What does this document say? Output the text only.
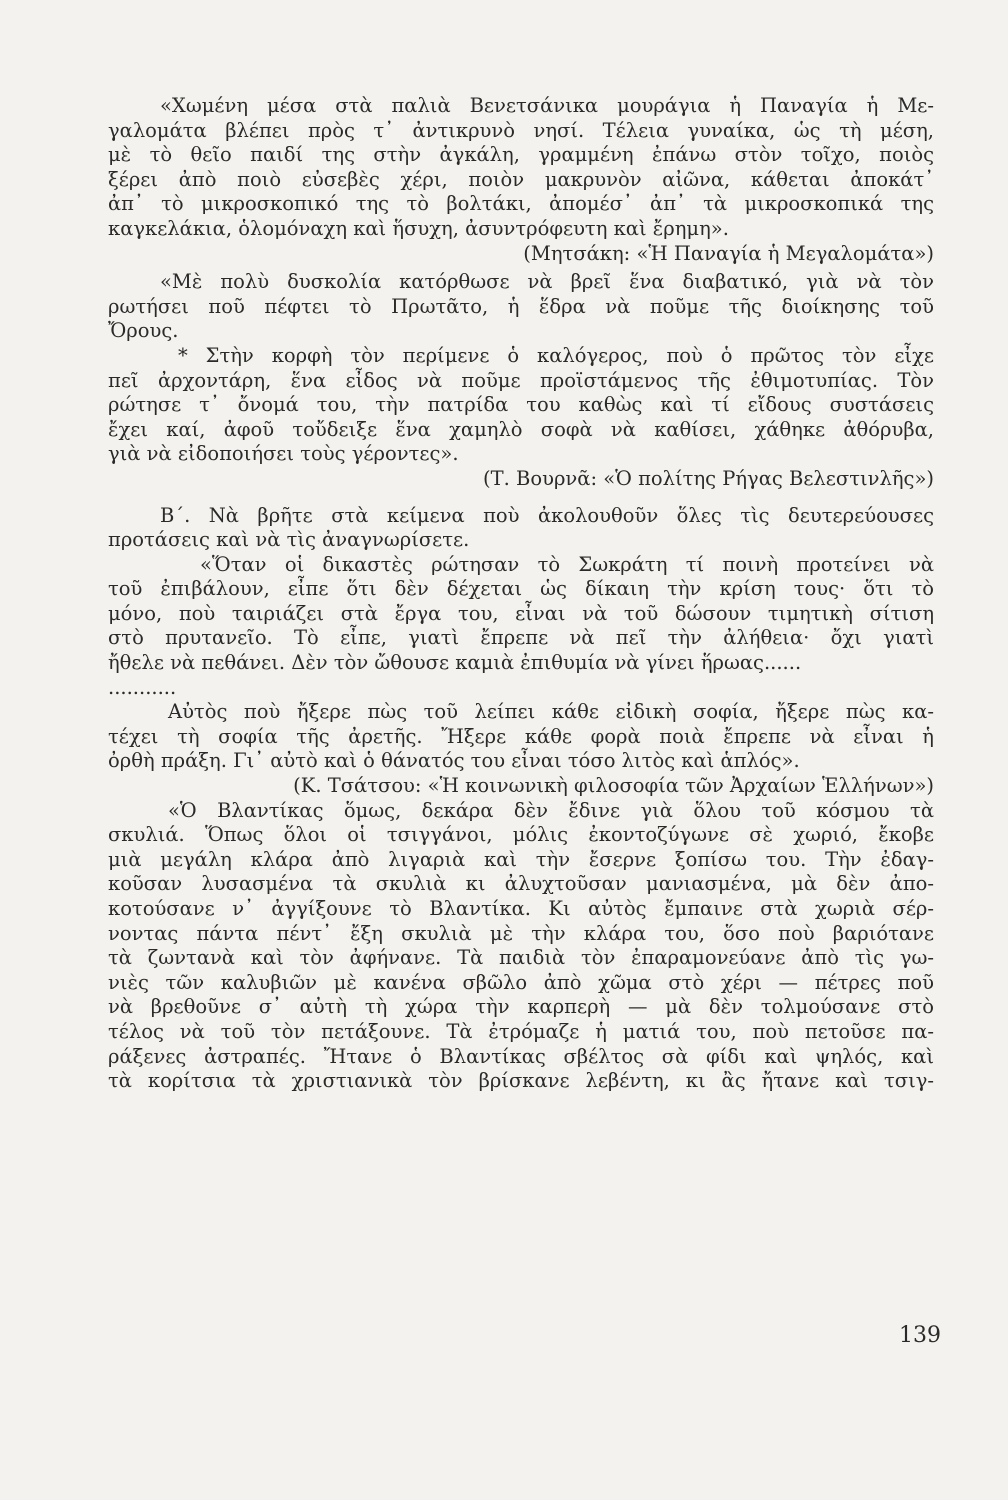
«Χωμένη μέσα στὰ παλιὰ Βενετσάνικα μουράγια ἡ Παναγία ἡ Με-
γαλομάτα βλέπει πρὸς τ᾿ ἀντικρυνὸ νησί. Τέλεια γυναίκα, ὡς τὴ μέση,
μὲ τὸ θεῖο παιδί της στὴν ἀγκάλη, γραμμένη ἐπάνω στὸν τοῖχο, ποιὸς
ξέρει ἀπὸ ποιὸ εὐσεβὲς χέρι, ποιὸν μακρυνὸν αἰῶνα, κάθεται ἀποκάτ᾿
ἀπ᾿ τὸ μικροσκοπικό της τὸ βολτάκι, ἀπομέσ᾿ ἀπ᾿ τὰ μικροσκοπικά της
καγκελάκια, ὁλομόναχη καὶ ἥσυχη, ἀσυντρόφευτη καὶ ἔρημη».
(Μητσάκη: «Ἡ Παναγία ἡ Μεγαλομάτα»)
«Μὲ πολὺ δυσκολία κατόρθωσε νὰ βρεῖ ἕνα διαβατικό, γιὰ νὰ τὸν
ρωτήσει ποῦ πέφτει τὸ Πρωτᾶτο, ἡ ἕδρα νὰ ποῦμε τῆς διοίκησης τοῦ
Ὄρους.
* Στὴν κορφὴ τὸν περίμενε ὁ καλόγερος, ποὺ ὁ πρῶτος τὸν εἶχε
πεῖ ἀρχοντάρη, ἕνα εἶδος νὰ ποῦμε προϊστάμενος τῆς ἐθιμοτυπίας. Τὸν
ρώτησε τ᾿ ὄνομά του, τὴν πατρίδα του καθὼς καὶ τί εἴδους συστάσεις
ἔχει καί, ἀφοῦ τοὔδειξε ἕνα χαμηλὸ σοφὰ νὰ καθίσει, χάθηκε ἀθόρυβα,
γιὰ νὰ εἰδοποιήσει τοὺς γέροντες».
(Τ. Βουρνᾶ: «Ὁ πολίτης Ρήγας Βελεστινλῆς»)
Β΄. Νὰ βρῆτε στὰ κείμενα ποὺ ἀκολουθοῦν ὅλες τὶς δευτερεύουσες
προτάσεις καὶ νὰ τὶς ἀναγνωρίσετε.
«Ὅταν οἱ δικαστὲς ρώτησαν τὸ Σωκράτη τί ποινὴ προτείνει νὰ
τοῦ ἐπιβάλουν, εἶπε ὅτι δὲν δέχεται ὡς δίκαιη τὴν κρίση τους· ὅτι τὸ
μόνο, ποὺ ταιριάζει στὰ ἔργα του, εἶναι νὰ τοῦ δώσουν τιμητικὴ σίτιση
στὸ πρυτανεῖο. Τὸ εἶπε, γιατὶ ἔπρεπε νὰ πεῖ τὴν ἀλήθεια· ὄχι γιατὶ
ἤθελε νὰ πεθάνει. Δὲν τὸν ὤθουσε καμιὰ ἐπιθυμία νὰ γίνει ἥρωας......
...........
Αὐτὸς ποὺ ἤξερε πὼς τοῦ λείπει κάθε εἰδικὴ σοφία, ἤξερε πὼς κα-
τέχει τὴ σοφία τῆς ἀρετῆς. Ἤξερε κάθε φορὰ ποιὰ ἔπρεπε νὰ εἶναι ἡ
ὀρθὴ πράξη. Γι᾿ αὐτὸ καὶ ὁ θάνατός του εἶναι τόσο λιτὸς καὶ ἁπλός».
(Κ. Τσάτσου: «Ἡ κοινωνικὴ φιλοσοφία τῶν Ἀρχαίων Ἑλλήνων»)
«Ὁ Βλαντίκας ὅμως, δεκάρα δὲν ἔδινε γιὰ ὅλου τοῦ κόσμου τὰ
σκυλιά. Ὅπως ὅλοι οἱ τσιγγάνοι, μόλις ἐκοντοζύγωνε σὲ χωριό, ἔκοβε
μιὰ μεγάλη κλάρα ἀπὸ λιγαριὰ καὶ τὴν ἔσερνε ξοπίσω του. Τὴν ἐδαγ-
κοῦσαν λυσασμένα τὰ σκυλιὰ κι ἀλυχτοῦσαν μανιασμένα, μὰ δὲν ἀπο-
κοτούσανε ν᾿ ἀγγίξουνε τὸ Βλαντίκα. Κι αὐτὸς ἔμπαινε στὰ χωριὰ σέρ-
νοντας πάντα πέντ᾿ ἔξη σκυλιὰ μὲ τὴν κλάρα του, ὅσο ποὺ βαριότανε
τὰ ζωντανὰ καὶ τὸν ἀφήνανε. Τὰ παιδιὰ τὸν ἐπαραμονεύανε ἀπὸ τὶς γω-
νιὲς τῶν καλυβιῶν μὲ κανένα σβῶλο ἀπὸ χῶμα στὸ χέρι — πέτρες ποῦ
νὰ βρεθοῦνε σ᾿ αὐτὴ τὴ χώρα τὴν καρπερὴ — μὰ δὲν τολμούσανε στὸ
τέλος νὰ τοῦ τὸν πετάξουνε. Τὰ ἐτρόμαζε ἡ ματιά του, ποὺ πετοῦσε πα-
ράξενες ἀστραπές. Ἤτανε ὁ Βλαντίκας σβέλτος σὰ φίδι καὶ ψηλός, καὶ
τὰ κορίτσια τὰ χριστιανικὰ τὸν βρίσκανε λεβέντη, κι ἂς ἤτανε καὶ τσιγ-
139
